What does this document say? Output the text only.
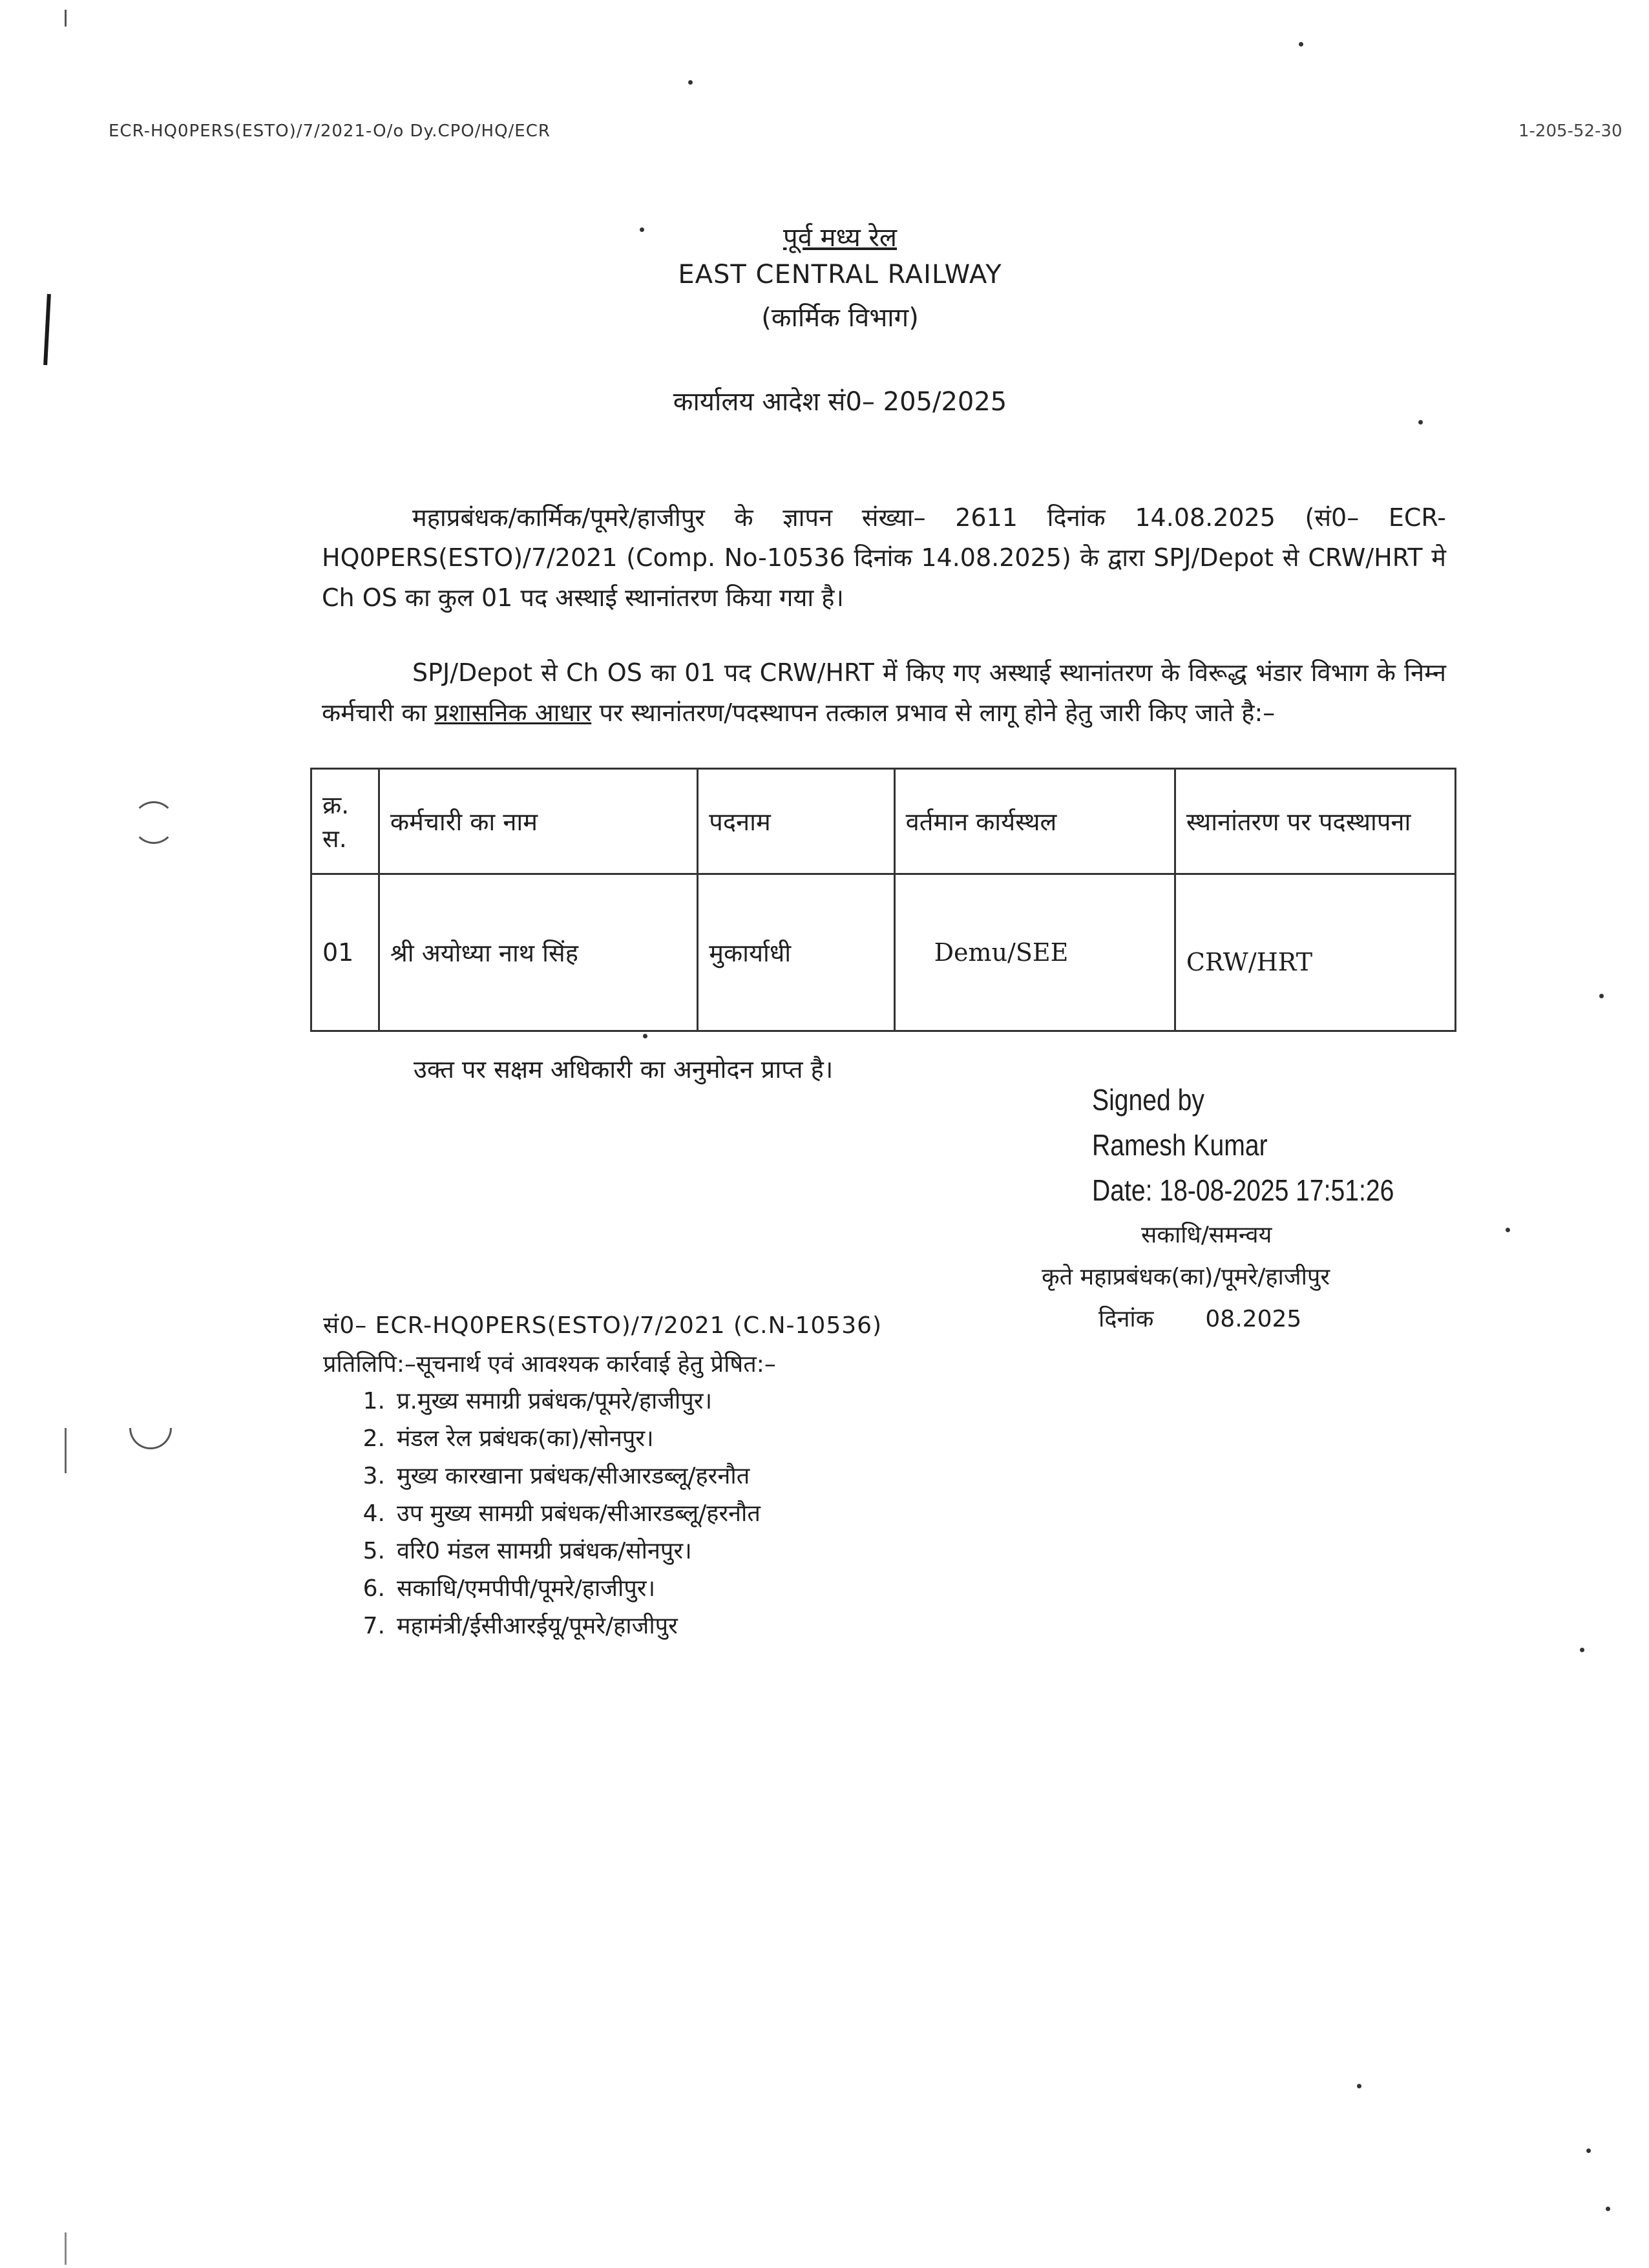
ECR-HQ0PERS(ESTO)/7/2021-O/o Dy.CPO/HQ/ECR	1-205-52-30
पूर्व मध्य रेल
EAST CENTRAL RAILWAY
(कार्मिक विभाग)
कार्यालय आदेश सं0– 205/2025
महाप्रबंधक/कार्मिक/पूमरे/हाजीपुर के ज्ञापन संख्या– 2611 दिनांक 14.08.2025 (सं0– ECR-HQ0PERS(ESTO)/7/2021 (Comp. No-10536 दिनांक 14.08.2025) के द्वारा SPJ/Depot से CRW/HRT मे Ch OS का कुल 01 पद अस्थाई स्थानांतरण किया गया है।
SPJ/Depot से Ch OS का 01 पद CRW/HRT में किए गए अस्थाई स्थानांतरण के विरूद्ध भंडार विभाग के निम्न कर्मचारी का प्रशासनिक आधार पर स्थानांतरण/पदस्थापन तत्काल प्रभाव से लागू होने हेतु जारी किए जाते है:–
क्र. स.	कर्मचारी का नाम	पदनाम	वर्तमान कार्यस्थल	स्थानांतरण पर पदस्थापना
01	श्री अयोध्या नाथ सिंह	मुकार्याधी	Demu/SEE	CRW/HRT
उक्त पर सक्षम अधिकारी का अनुमोदन प्राप्त है।
Signed by
Ramesh Kumar
Date: 18-08-2025 17:51:26
सकाधि/समन्वय
कृते महाप्रबंधक(का)/पूमरे/हाजीपुर
दिनांक 08.2025
सं0– ECR-HQ0PERS(ESTO)/7/2021 (C.N-10536)
प्रतिलिपि:–सूचनार्थ एवं आवश्यक कार्रवाई हेतु प्रेषित:–
1. प्र.मुख्य समाग्री प्रबंधक/पूमरे/हाजीपुर।
2. मंडल रेल प्रबंधक(का)/सोनपुर।
3. मुख्य कारखाना प्रबंधक/सीआरडब्लू/हरनौत
4. उप मुख्य सामग्री प्रबंधक/सीआरडब्लू/हरनौत
5. वरि0 मंडल सामग्री प्रबंधक/सोनपुर।
6. सकाधि/एमपीपी/पूमरे/हाजीपुर।
7. महामंत्री/ईसीआरईयू/पूमरे/हाजीपुर
